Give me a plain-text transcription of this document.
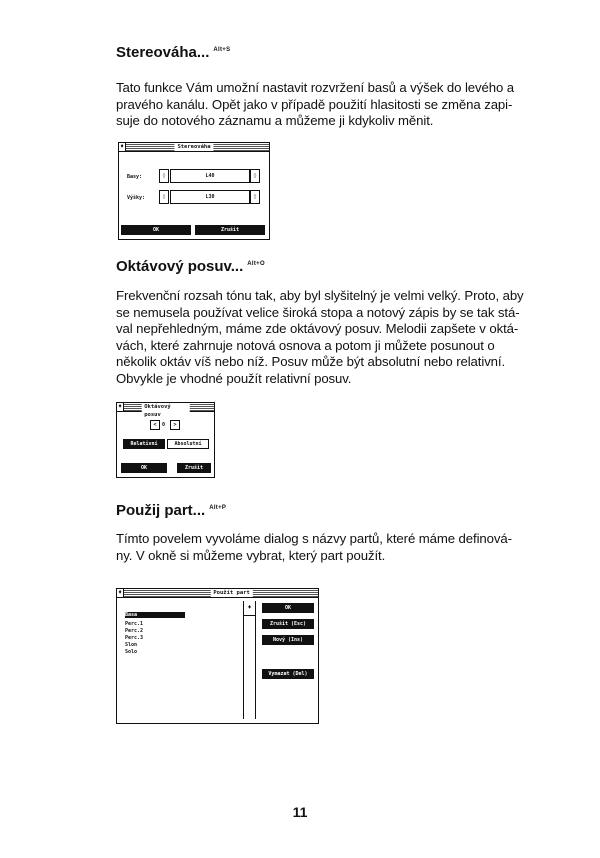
Stereováha... $^{Alt+S}$

Tato funkce Vám umožní nastavit rozvržení basů a výšek do levého a

pravého kanálu. Opět jako v případě použití hlasitosti se změna zapi-

suje do notového záznamu a můžeme ji kdykoliv měnit.

♦	Stereováha
Basy:	◊	L40	◊
Výšky:	◊	L30	◊
OK	Zrušit
Oktávový posuv... $^{Alt+O}$

Frekvenční rozsah tónu tak, aby byl slyšitelný je velmi velký. Proto, aby

se nemusela používat velice široká stopa a notový zápis by se tak stá-

val nepřehledným, máme zde oktávový posuv. Melodii zapšete v oktá-

vách, které zahrnuje notová osnova a potom ji můžete posunout o

několik oktáv víš nebo níž. Posuv může být absolutní nebo relativní.

Obvykle je vhodné použít relativní posuv.

♦	Oktávový posuv
<	0	>
Relativní	Absolutní
OK	Zrušit
Použij part... $^{Alt+P}$

Tímto povelem vyvoláme dialog s názvy partů, které máme definová-

ny. V okně si můžeme vybrat, který part použít.

♦	Použít part
Basa
Perc.1
Perc.2
Perc.3
Slon
Solo
♦	OK
Zrušit (Esc)
Nový (Ins)
Vymazat (Del)
11
